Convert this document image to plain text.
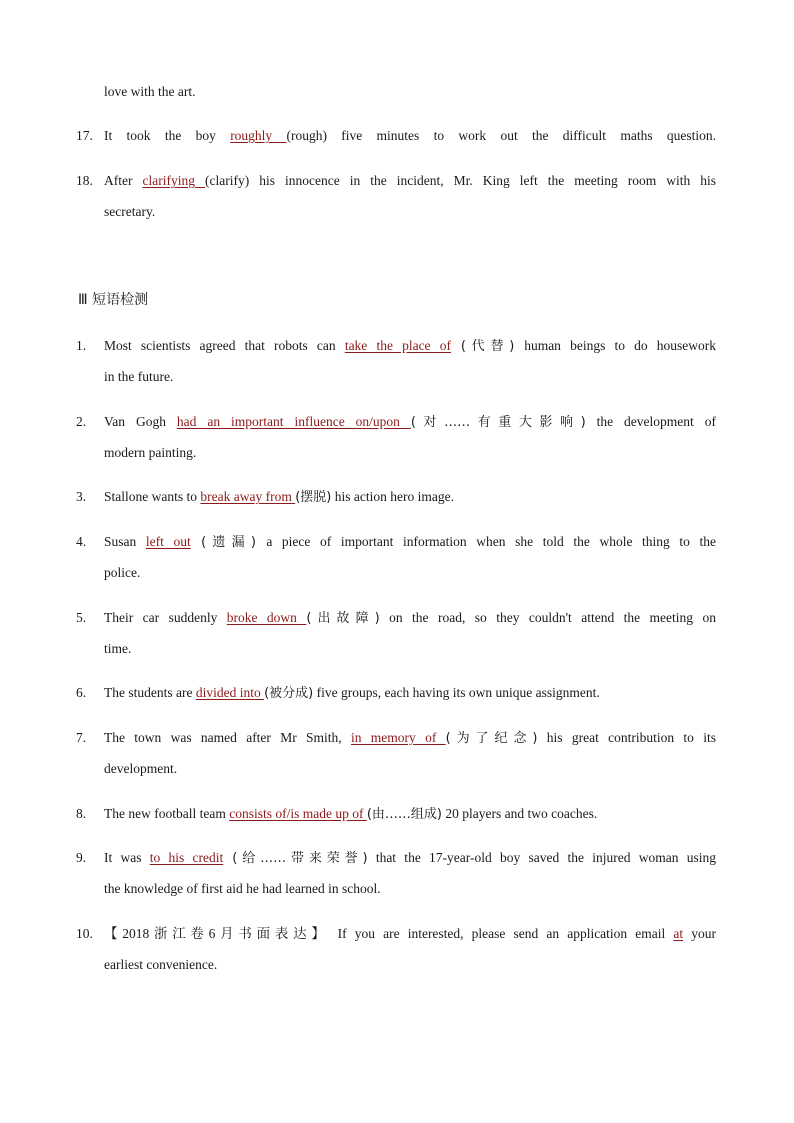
love with the art.
17. It took the boy roughly (rough) five minutes to work out the difficult maths question.
18. After clarifying (clarify) his innocence in the incident, Mr. King left the meeting room with his
secretary.
Ⅲ 短语检测
1. Most scientists agreed that robots can take the place of (代替) human beings to do housework
in the future.
2. Van Gogh had an important influence on/upon (对……有重大影响) the development of
modern painting.
3. Stallone wants to break away from (摆脱) his action hero image.
4. Susan left out (遗漏) a piece of important information when she told the whole thing to the
police.
5. Their car suddenly broke down (出故障) on the road, so they couldn't attend the meeting on
time.
6. The students are divided into (被分成) five groups, each having its own unique assignment.
7. The town was named after Mr Smith, in memory of (为了纪念) his great contribution to its
development.
8. The new football team consists of/is made up of (由……组成) 20 players and two coaches.
9. It was to his credit (给……带来荣誉) that the 17-year-old boy saved the injured woman using
the knowledge of first aid he had learned in school.
10. 【2018浙江卷6月书面表达】 If you are interested, please send an application email at your
earliest convenience.
